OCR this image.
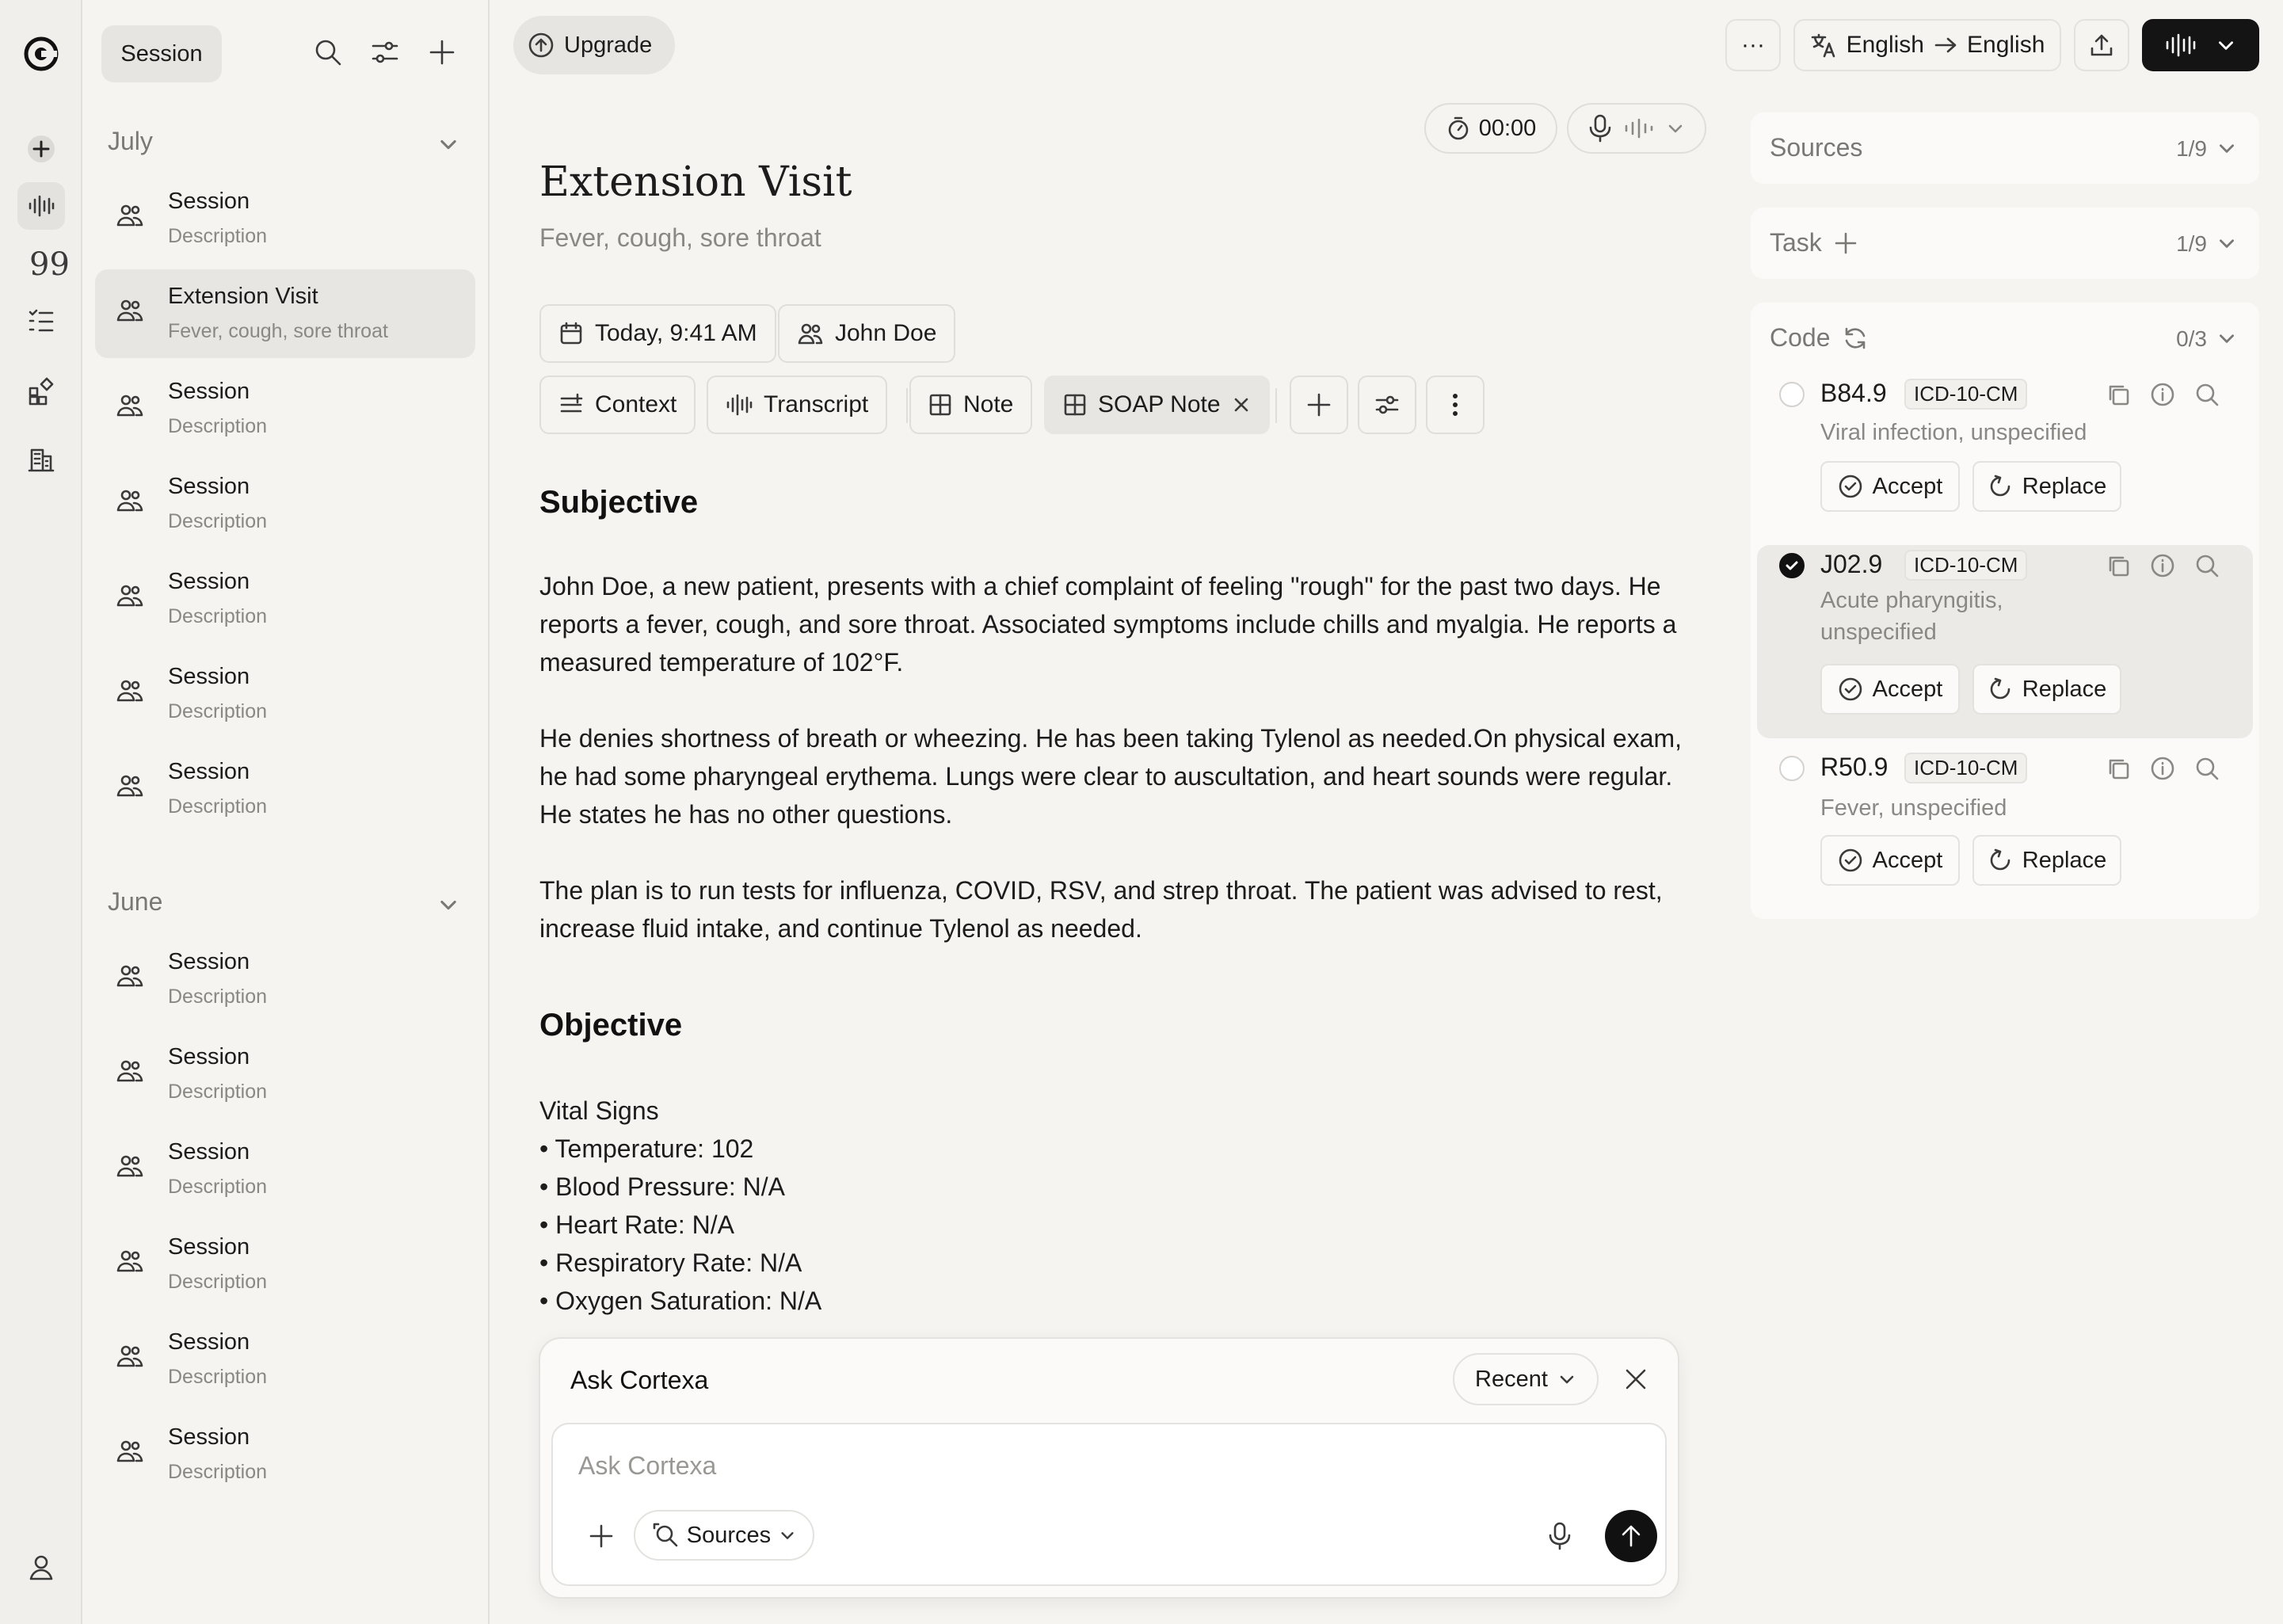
99
Session
July
Session
Description
Extension Visit
Fever, cough, sore throat
Session
Description
Session
Description
Session
Description
Session
Description
Session
Description
June
Session
Description
Session
Description
Session
Description
Session
Description
Session
Description
Session
Description
Upgrade
00:00
Extension Visit
Fever, cough, sore throat
Today, 9:41 AM	John Doe
Context	Transcript	Note	SOAP Note
Subjective
John Doe, a new patient, presents with a chief complaint of feeling "rough" for the past two days. He reports a fever, cough, and sore throat. Associated symptoms include chills and myalgia. He reports a measured temperature of 102°F.
He denies shortness of breath or wheezing. He has been taking Tylenol as needed.On physical exam, he had some pharyngeal erythema. Lungs were clear to auscultation, and heart sounds were regular. He states he has no other questions.
The plan is to run tests for influenza, COVID, RSV, and strep throat. The patient was advised to rest, increase fluid intake, and continue Tylenol as needed.
Objective
Vital Signs
• Temperature: 102
• Blood Pressure: N/A
• Heart Rate: N/A
• Respiratory Rate: N/A
• Oxygen Saturation: N/A
Ask Cortexa	Recent
Ask Cortexa
Sources
···	English English
Sources	1/9
Task	1/9
Code	0/3
B84.9	ICD-10-CM
Viral infection, unspecified
Accept	Replace
J02.9	ICD-10-CM
Acute pharyngitis, unspecified
Accept	Replace
R50.9	ICD-10-CM
Fever, unspecified
Accept	Replace
